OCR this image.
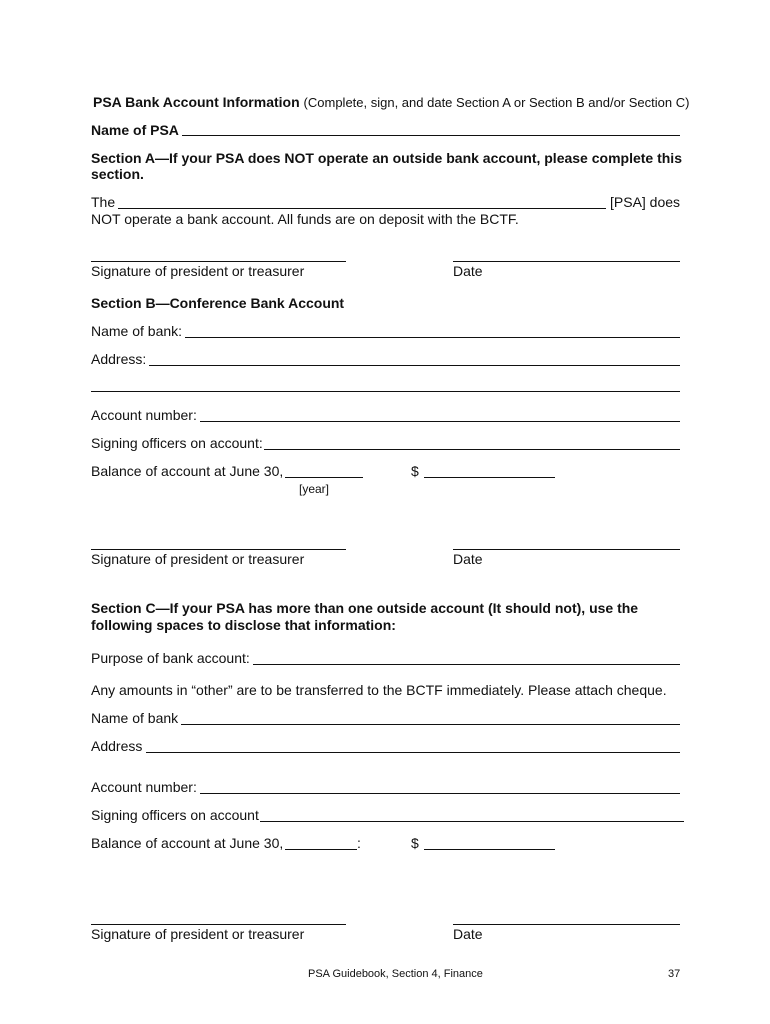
PSA Bank Account Information (Complete, sign, and date Section A or Section B and/or Section C)
Name of PSA
Section A—If your PSA does NOT operate an outside bank account, please complete this
section.
The	[PSA] does
NOT operate a bank account. All funds are on deposit with the BCTF.
Signature of president or treasurer	Date
Section B—Conference Bank Account
Name of bank:
Address:
Account number:
Signing officers on account:
Balance of account at June 30,	$
[year]
Signature of president or treasurer	Date
Section C—If your PSA has more than one outside account (It should not), use the
following spaces to disclose that information:
Purpose of bank account:
Any amounts in “other” are to be transferred to the BCTF immediately. Please attach cheque.
Name of bank
Address
Account number:
Signing officers on account
Balance of account at June 30,	:	$
Signature of president or treasurer	Date
PSA Guidebook, Section 4, Finance	37
